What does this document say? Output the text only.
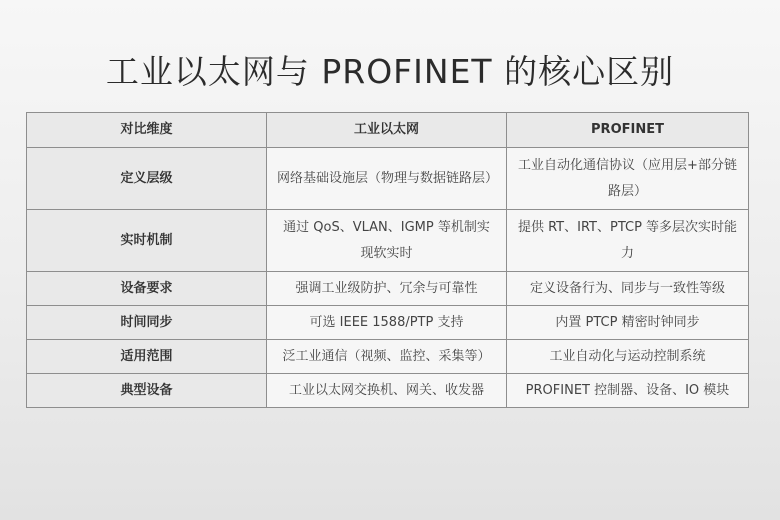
工业以太网与 PROFINET 的核心区别
对比维度	工业以太网	PROFINET
定义层级	网络基础设施层（物理与数据链路层）	工业自动化通信协议（应用层+部分链路层）
实时机制	通过 QoS、VLAN、IGMP 等机制实现软实时	提供 RT、IRT、PTCP 等多层次实时能力
设备要求	强调工业级防护、冗余与可靠性	定义设备行为、同步与一致性等级
时间同步	可选 IEEE 1588/PTP 支持	内置 PTCP 精密时钟同步
适用范围	泛工业通信（视频、监控、采集等）	工业自动化与运动控制系统
典型设备	工业以太网交换机、网关、收发器	PROFINET 控制器、设备、IO 模块
